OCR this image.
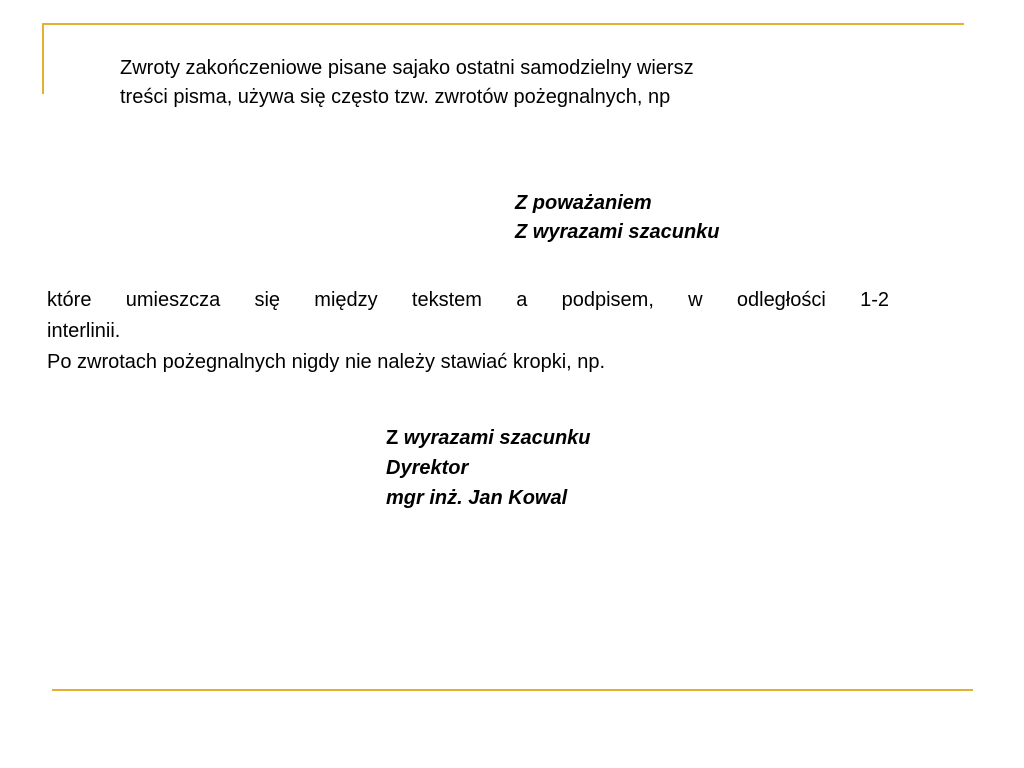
Zwroty zakończeniowe pisane sajako ostatni samodzielny wiersz
treści pisma, używa się często tzw. zwrotów pożegnalnych, np
Z poważaniem
Z wyrazami szacunku
które umieszcza się między tekstem a podpisem, w odległości 1-2
interlinii.
Po zwrotach pożegnalnych nigdy nie należy stawiać kropki, np.
Z wyrazami szacunku
Dyrektor
mgr inż. Jan Kowal
